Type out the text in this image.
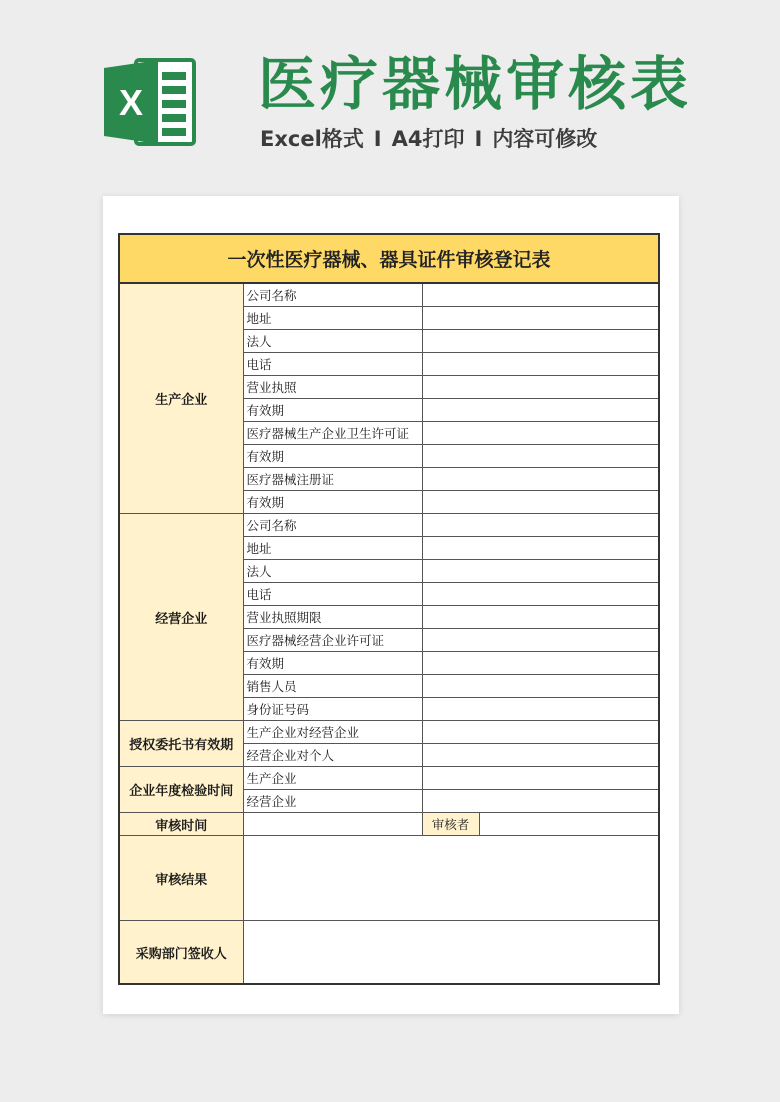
X 医疗器械审核表
Excel格式 I A4打印 I 内容可修改
一次性医疗器械、器具证件审核登记表			
生产企业	公司名称		
	地址		
	法人		
	电话		
	营业执照		
	有效期		
	医疗器械生产企业卫生许可证		
	有效期		
	医疗器械注册证		
	有效期		
经营企业	公司名称		
	地址		
	法人		
	电话		
	营业执照期限		
	医疗器械经营企业许可证		
	有效期		
	销售人员		
	身份证号码		
授权委托书有效期	生产企业对经营企业		
	经营企业对个人		
企业年度检验时间	生产企业		
	经营企业		
审核时间		审核者	
审核结果			
采购部门签收人			
